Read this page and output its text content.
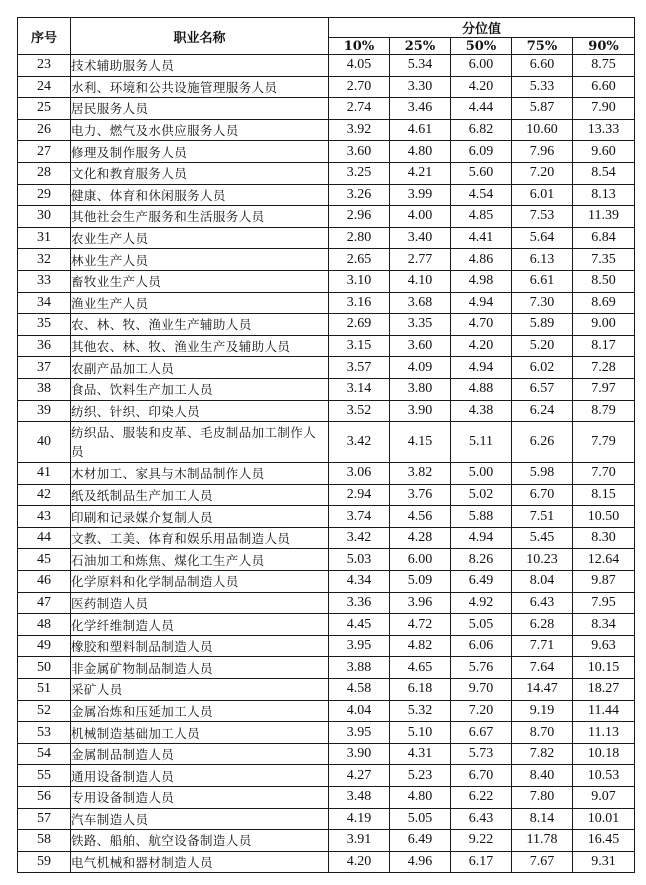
序号	职业名称	分位值				
		10%	25%	50%	75%	90%
23	技术辅助服务人员	4.05	5.34	6.00	6.60	8.75
24	水利、环境和公共设施管理服务人员	2.70	3.30	4.20	5.33	6.60
25	居民服务人员	2.74	3.46	4.44	5.87	7.90
26	电力、燃气及水供应服务人员	3.92	4.61	6.82	10.60	13.33
27	修理及制作服务人员	3.60	4.80	6.09	7.96	9.60
28	文化和教育服务人员	3.25	4.21	5.60	7.20	8.54
29	健康、体育和休闲服务人员	3.26	3.99	4.54	6.01	8.13
30	其他社会生产服务和生活服务人员	2.96	4.00	4.85	7.53	11.39
31	农业生产人员	2.80	3.40	4.41	5.64	6.84
32	林业生产人员	2.65	2.77	4.86	6.13	7.35
33	畜牧业生产人员	3.10	4.10	4.98	6.61	8.50
34	渔业生产人员	3.16	3.68	4.94	7.30	8.69
35	农、林、牧、渔业生产辅助人员	2.69	3.35	4.70	5.89	9.00
36	其他农、林、牧、渔业生产及辅助人员	3.15	3.60	4.20	5.20	8.17
37	农副产品加工人员	3.57	4.09	4.94	6.02	7.28
38	食品、饮料生产加工人员	3.14	3.80	4.88	6.57	7.97
39	纺织、针织、印染人员	3.52	3.90	4.38	6.24	8.79
40	纺织品、服装和皮革、毛皮制品加工制作人员	3.42	4.15	5.11	6.26	7.79
41	木材加工、家具与木制品制作人员	3.06	3.82	5.00	5.98	7.70
42	纸及纸制品生产加工人员	2.94	3.76	5.02	6.70	8.15
43	印刷和记录媒介复制人员	3.74	4.56	5.88	7.51	10.50
44	文教、工美、体育和娱乐用品制造人员	3.42	4.28	4.94	5.45	8.30
45	石油加工和炼焦、煤化工生产人员	5.03	6.00	8.26	10.23	12.64
46	化学原料和化学制品制造人员	4.34	5.09	6.49	8.04	9.87
47	医药制造人员	3.36	3.96	4.92	6.43	7.95
48	化学纤维制造人员	4.45	4.72	5.05	6.28	8.34
49	橡胶和塑料制品制造人员	3.95	4.82	6.06	7.71	9.63
50	非金属矿物制品制造人员	3.88	4.65	5.76	7.64	10.15
51	采矿人员	4.58	6.18	9.70	14.47	18.27
52	金属冶炼和压延加工人员	4.04	5.32	7.20	9.19	11.44
53	机械制造基础加工人员	3.95	5.10	6.67	8.70	11.13
54	金属制品制造人员	3.90	4.31	5.73	7.82	10.18
55	通用设备制造人员	4.27	5.23	6.70	8.40	10.53
56	专用设备制造人员	3.48	4.80	6.22	7.80	9.07
57	汽车制造人员	4.19	5.05	6.43	8.14	10.01
58	铁路、船舶、航空设备制造人员	3.91	6.49	9.22	11.78	16.45
59	电气机械和器材制造人员	4.20	4.96	6.17	7.67	9.31
